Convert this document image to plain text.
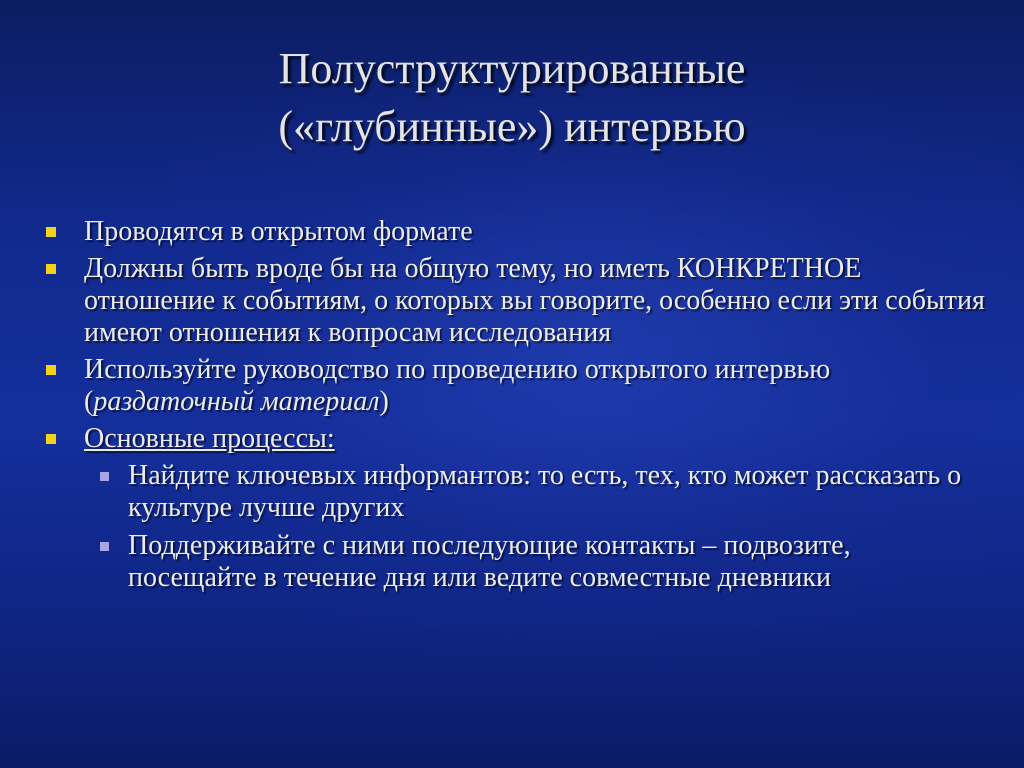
Полуструктурированные
(«глубинные») интервью
Проводятся в открытом формате
Должны быть вроде бы на общую тему, но иметь КОНКРЕТНОЕ отношение к событиям, о которых вы говорите, особенно если эти события имеют отношения к вопросам исследования
Используйте руководство по проведению открытого интервью (раздаточный материал)
Основные процессы:
Найдите ключевых информантов: то есть, тех, кто может рассказать о культуре лучше других
Поддерживайте с ними последующие контакты – подвозите, посещайте в течение дня или ведите совместные дневники
